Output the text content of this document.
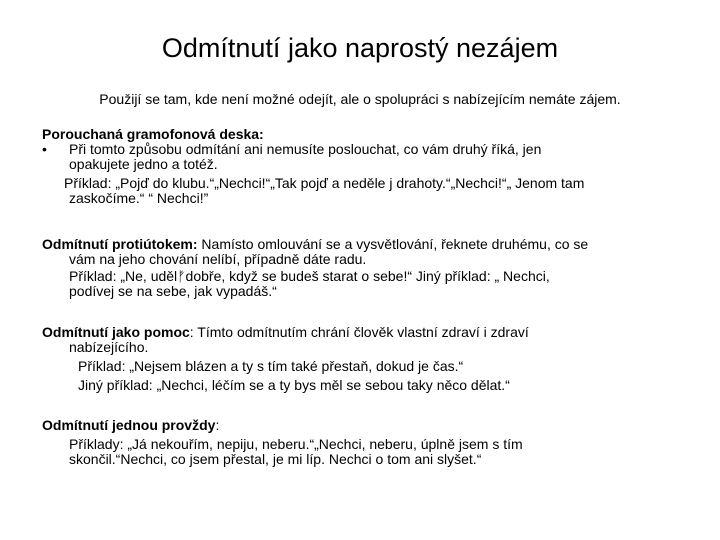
Odmítnutí jako naprostý nezájem
Použijí se tam, kde není možné odejít, ale o spolupráci s nabízejícím nemáte zájem.
Porouchaná gramofonová deska:
• Při tomto způsobu odmítání ani nemusíte poslouchat, co vám druhý říká, jen
opakujete jedno a totéž.
Příklad: „Pojď do klubu.“„Nechci!“„Tak pojď a neděle j drahoty.“„Nechci!“„ Jenom tam
zaskočíme.“ “ Nechci!”
Odmítnutí protiútokem: Namísto omlouvání se a vysvětlování, řeknete druhému, co se
vám na jeho chování nelíbí, případně dáte radu.
Příklad: „Ne, udělᚠdobře, když se budeš starat o sebe!“ Jiný příklad: „ Nechci,
podívej se na sebe, jak vypadáš.“
Odmítnutí jako pomoc: Tímto odmítnutím chrání člověk vlastní zdraví i zdraví
nabízejícího.
Příklad: „Nejsem blázen a ty s tím také přestaň, dokud je čas.“
Jiný příklad: „Nechci, léčím se a ty bys měl se sebou taky něco dělat.“
Odmítnutí jednou provždy:
Příklady: „Já nekouřím, nepiju, neberu.“„Nechci, neberu, úplně jsem s tím
skončil.“Nechci, co jsem přestal, je mi líp. Nechci o tom ani slyšet.“
